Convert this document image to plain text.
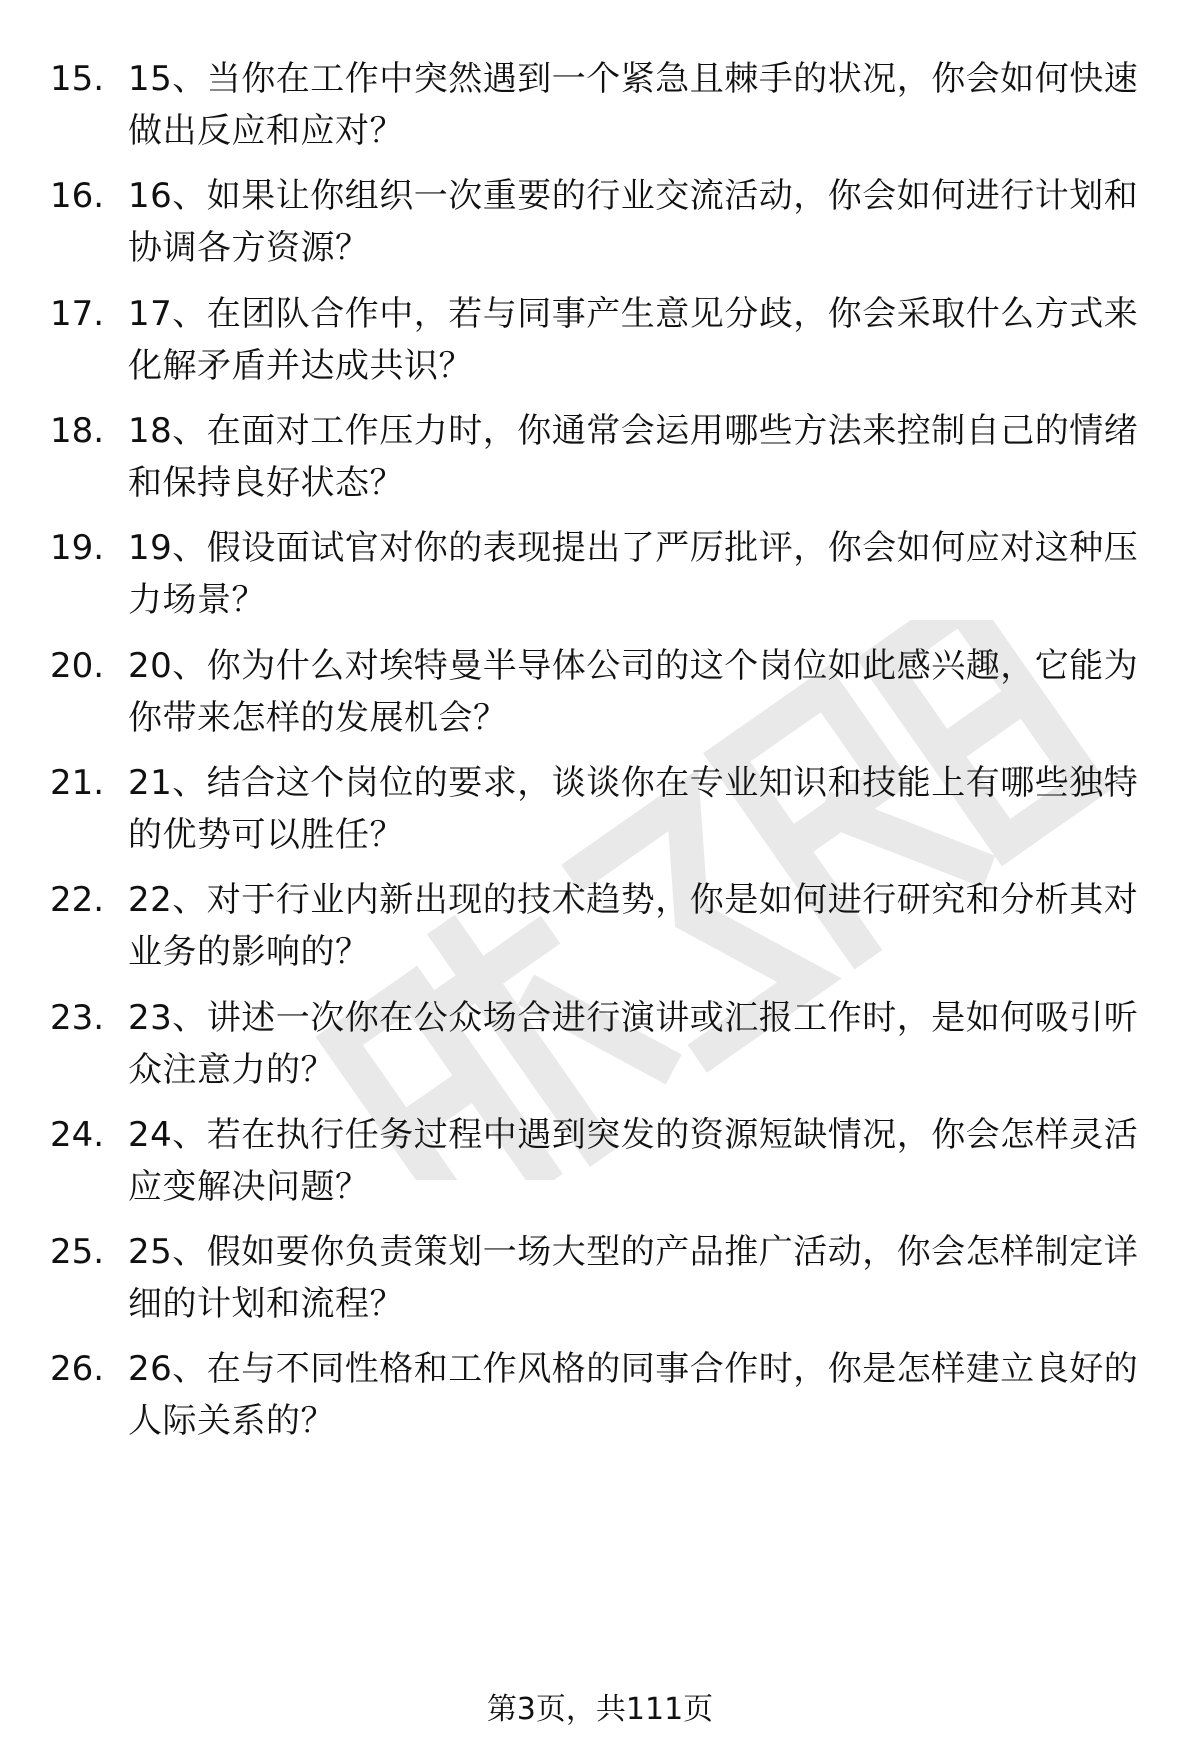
15. 15、当你在工作中突然遇到一个紧急且棘手的状况，你会如何快速做出反应和应对？
16. 16、如果让你组织一次重要的行业交流活动，你会如何进行计划和协调各方资源？
17. 17、在团队合作中，若与同事产生意见分歧，你会采取什么方式来化解矛盾并达成共识？
18. 18、在面对工作压力时，你通常会运用哪些方法来控制自己的情绪和保持良好状态？
19. 19、假设面试官对你的表现提出了严厉批评，你会如何应对这种压力场景？
20. 20、你为什么对埃特曼半导体公司的这个岗位如此感兴趣，它能为你带来怎样的发展机会？
21. 21、结合这个岗位的要求，谈谈你在专业知识和技能上有哪些独特的优势可以胜任？
22. 22、对于行业内新出现的技术趋势，你是如何进行研究和分析其对业务的影响的？
23. 23、讲述一次你在公众场合进行演讲或汇报工作时，是如何吸引听众注意力的？
24. 24、若在执行任务过程中遇到突发的资源短缺情况，你会怎样灵活应变解决问题？
25. 25、假如要你负责策划一场大型的产品推广活动，你会怎样制定详细的计划和流程？
26. 26、在与不同性格和工作风格的同事合作时，你是怎样建立良好的人际关系的？
第3页，共111页
